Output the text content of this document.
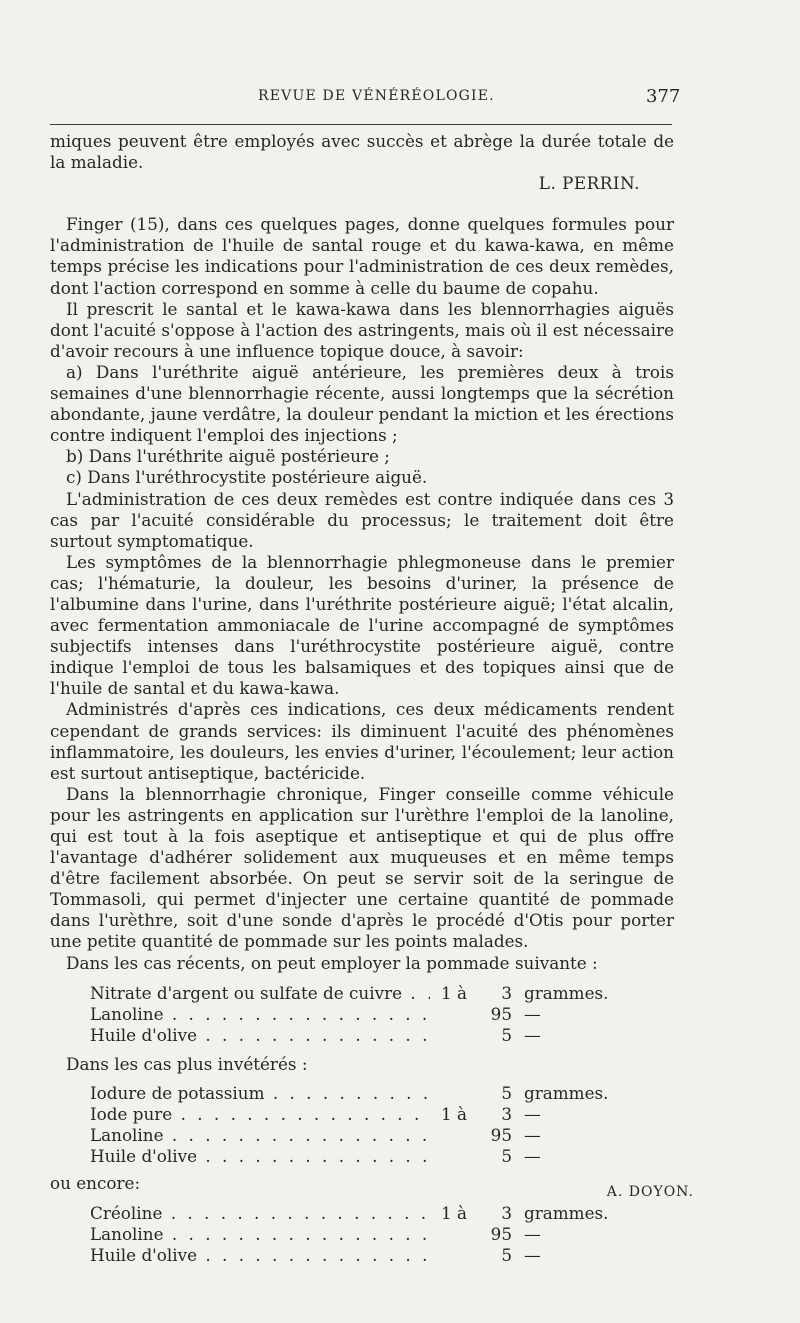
REVUE DE VÉNÉRÉOLOGIE.	377

miques peuvent être employés avec succès et abrège la durée totale de la maladie.

L. PERRIN.

Finger (15), dans ces quelques pages, donne quelques formules pour l'administration de l'huile de santal rouge et du kawa-kawa, en même temps précise les indications pour l'administration de ces deux remèdes, dont l'action correspond en somme à celle du baume de copahu.

Il prescrit le santal et le kawa-kawa dans les blennorrhagies aiguës dont l'acuité s'oppose à l'action des astringents, mais où il est nécessaire d'avoir recours à une influence topique douce, à savoir:

a) Dans l'uréthrite aiguë antérieure, les premières deux à trois semaines d'une blennorrhagie récente, aussi longtemps que la sécrétion abondante, jaune verdâtre, la douleur pendant la miction et les érections contre indiquent l'emploi des injections ;

b) Dans l'uréthrite aiguë postérieure ;

c) Dans l'uréthrocystite postérieure aiguë.

L'administration de ces deux remèdes est contre indiquée dans ces 3 cas par l'acuité considérable du processus; le traitement doit être surtout symptomatique.

Les symptômes de la blennorrhagie phlegmoneuse dans le premier cas; l'hématurie, la douleur, les besoins d'uriner, la présence de l'albumine dans l'urine, dans l'uréthrite postérieure aiguë; l'état alcalin, avec fermentation ammoniacale de l'urine accompagné de symptômes subjectifs intenses dans l'uréthrocystite postérieure aiguë, contre indique l'emploi de tous les balsamiques et des topiques ainsi que de l'huile de santal et du kawa-kawa.

Administrés d'après ces indications, ces deux médicaments rendent cependant de grands services: ils diminuent l'acuité des phénomènes inflammatoire, les douleurs, les envies d'uriner, l'écoulement; leur action est surtout antiseptique, bactéricide.

Dans la blennorrhagie chronique, Finger conseille comme véhicule pour les astringents en application sur l'urèthre l'emploi de la lanoline, qui est tout à la fois aseptique et antiseptique et qui de plus offre l'avantage d'adhérer solidement aux muqueuses et en même temps d'être facilement absorbée. On peut se servir soit de la seringue de Tommasoli, qui permet d'injecter une certaine quantité de pommade dans l'urèthre, soit d'une sonde d'après le procédé d'Otis pour porter une petite quantité de pommade sur les points malades.

Dans les cas récents, on peut employer la pommade suivante :

Nitrate d'argent ou sulfate de cuivre . . .	1 à	3 grammes.
Lanoline . . .	95 —
Huile d'olive . . .	5 —

Dans les cas plus invétérés :

Iodure de potassium . . .	5 grammes.
Iode pure . . .	1 à	3 —
Lanoline . . .	95 —
Huile d'olive . . .	5 —

ou encore:

Créoline . . .	1 à	3 grammes.
Lanoline . . .	95 —
Huile d'olive . . .	5 —
A. DOYON.
